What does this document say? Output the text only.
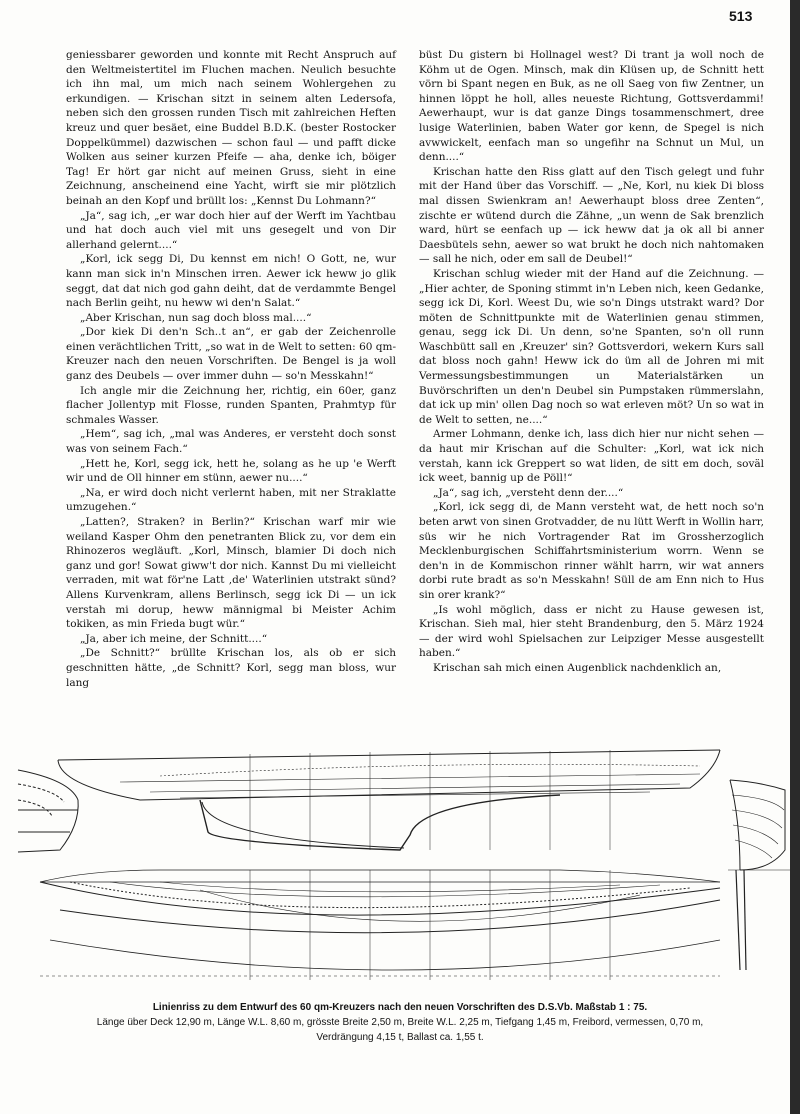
513

geniessbarer geworden und konnte mit Recht Anspruch auf den Weltmeistertitel im Fluchen machen. Neulich besuchte ich ihn mal, um mich nach seinem Wohlergehen zu erkundigen. — Krischan sitzt in seinem alten Ledersofa, neben sich den grossen runden Tisch mit zahlreichen Heften kreuz und quer besäet, eine Buddel B.D.K. (bester Rostocker Doppelkümmel) dazwischen — schon faul — und pafft dicke Wolken aus seiner kurzen Pfeife — aha, denke ich, böiger Tag! Er hört gar nicht auf meinen Gruss, sieht in eine Zeichnung, anscheinend eine Yacht, wirft sie mir plötzlich beinah an den Kopf und brüllt los: „Kennst Du Lohmann?“

„Ja“, sag ich, „er war doch hier auf der Werft im Yachtbau und hat doch auch viel mit uns gesegelt und von Dir allerhand gelernt....“

„Korl, ick segg Di, Du kennst em nich! O Gott, ne, wur kann man sick in'n Minschen irren. Aewer ick heww jo glik seggt, dat dat nich god gahn deiht, dat de verdammte Bengel nach Berlin geiht, nu heww wi den'n Salat.“

„Aber Krischan, nun sag doch bloss mal....“

„Dor kiek Di den'n Sch..t an“, er gab der Zeichenrolle einen verächtlichen Tritt, „so wat in de Welt to setten: 60 qm-Kreuzer nach den neuen Vorschriften. De Bengel is ja woll ganz des Deubels — over immer duhn — so'n Messkahn!“

Ich angle mir die Zeichnung her, richtig, ein 60er, ganz flacher Jollentyp mit Flosse, runden Spanten, Prahmtyp für schmales Wasser.

„Hem“, sag ich, „mal was Anderes, er versteht doch sonst was von seinem Fach.“

„Hett he, Korl, segg ick, hett he, solang as he up 'e Werft wir und de Oll hinner em stünn, aewer nu....“

„Na, er wird doch nicht verlernt haben, mit ner Straklatte umzugehen.“

„Latten?, Straken? in Berlin?“ Krischan warf mir wie weiland Kasper Ohm den penetranten Blick zu, vor dem ein Rhinozeros wegläuft. „Korl, Minsch, blamier Di doch nich ganz und gor! Sowat giww't dor nich. Kannst Du mi vielleicht verraden, mit wat för'ne Latt ,de' Waterlinien utstrakt sünd? Allens Kurvenkram, allens Berlinsch, segg ick Di — un ick verstah mi dorup, heww männigmal bi Meister Achim tokiken, as min Frieda bugt wür.“

„Ja, aber ich meine, der Schnitt....“

„De Schnitt?“ brüllte Krischan los, als ob er sich geschnitten hätte, „de Schnitt? Korl, segg man bloss, wur lang

büst Du gistern bi Hollnagel west? Di trant ja woll noch de Köhm ut de Ogen. Minsch, mak din Klüsen up, de Schnitt hett vörn bi Spant negen en Buk, as ne oll Saeg von fiw Zentner, un hinnen löppt he holl, alles neueste Richtung, Gottsverdammi! Aewerhaupt, wur is dat ganze Dings tosammenschmert, dree lusige Waterlinien, baben Water gor kenn, de Spegel is nich avwwickelt, eenfach man so ungefihr na Schnut un Mul, un denn....“

Krischan hatte den Riss glatt auf den Tisch gelegt und fuhr mit der Hand über das Vorschiff. — „Ne, Korl, nu kiek Di bloss mal dissen Swienkram an! Aewerhaupt bloss dree Zenten“, zischte er wütend durch die Zähne, „un wenn de Sak brenzlich ward, hürt se eenfach up — ick heww dat ja ok all bi anner Daesbütels sehn, aewer so wat brukt he doch nich nahtomaken — sall he nich, oder em sall de Deubel!“

Krischan schlug wieder mit der Hand auf die Zeichnung. — „Hier achter, de Sponing stimmt in'n Leben nich, keen Gedanke, segg ick Di, Korl. Weest Du, wie so'n Dings utstrakt ward? Dor möten de Schnittpunkte mit de Waterlinien genau stimmen, genau, segg ick Di. Un denn, so'ne Spanten, so'n oll runn Waschbütt sall en ,Kreuzer' sin? Gottsverdori, wekern Kurs sall dat bloss noch gahn! Heww ick do üm all de Johren mi mit Vermessungsbestimmungen un Materialstärken un Buvörschriften un den'n Deubel sin Pumpstaken rümmerslahn, dat ick up min' ollen Dag noch so wat erleven möt? Un so wat in de Welt to setten, ne....“

Armer Lohmann, denke ich, lass dich hier nur nicht sehen — da haut mir Krischan auf die Schulter: „Korl, wat ick nich verstah, kann ick Greppert so wat liden, de sitt em doch, sovӓl ick weet, bannig up de Pöll!“

„Ja“, sag ich, „versteht denn der....“

„Korl, ick segg di, de Mann versteht wat, de hett noch so'n beten arwt von sinen Grotvadder, de nu lütt Werft in Wollin harr, süs wir he nich Vortragender Rat im Grossherzoglich Mecklenburgischen Schiffahrtsministerium worrn. Wenn se den'n in de Kommischon rinner wählt harrn, wir wat anners dorbi rute bradt as so'n Messkahn! Süll de am Enn nich to Hus sin orer krank?“

„Is wohl möglich, dass er nicht zu Hause gewesen ist, Krischan. Sieh mal, hier steht Brandenburg, den 5. März 1924 — der wird wohl Spielsachen zur Leipziger Messe ausgestellt haben.“

Krischan sah mich einen Augenblick nachdenklich an,

Linienriss zu dem Entwurf des 60 qm-Kreuzers nach den neuen Vorschriften des D.S.Vb. Maßstab 1 : 75.
Länge über Deck 12,90 m, Länge W.L. 8,60 m, grösste Breite 2,50 m, Breite W.L. 2,25 m, Tiefgang 1,45 m, Freibord, vermessen, 0,70 m,
Verdrängung 4,15 t, Ballast ca. 1,55 t.
